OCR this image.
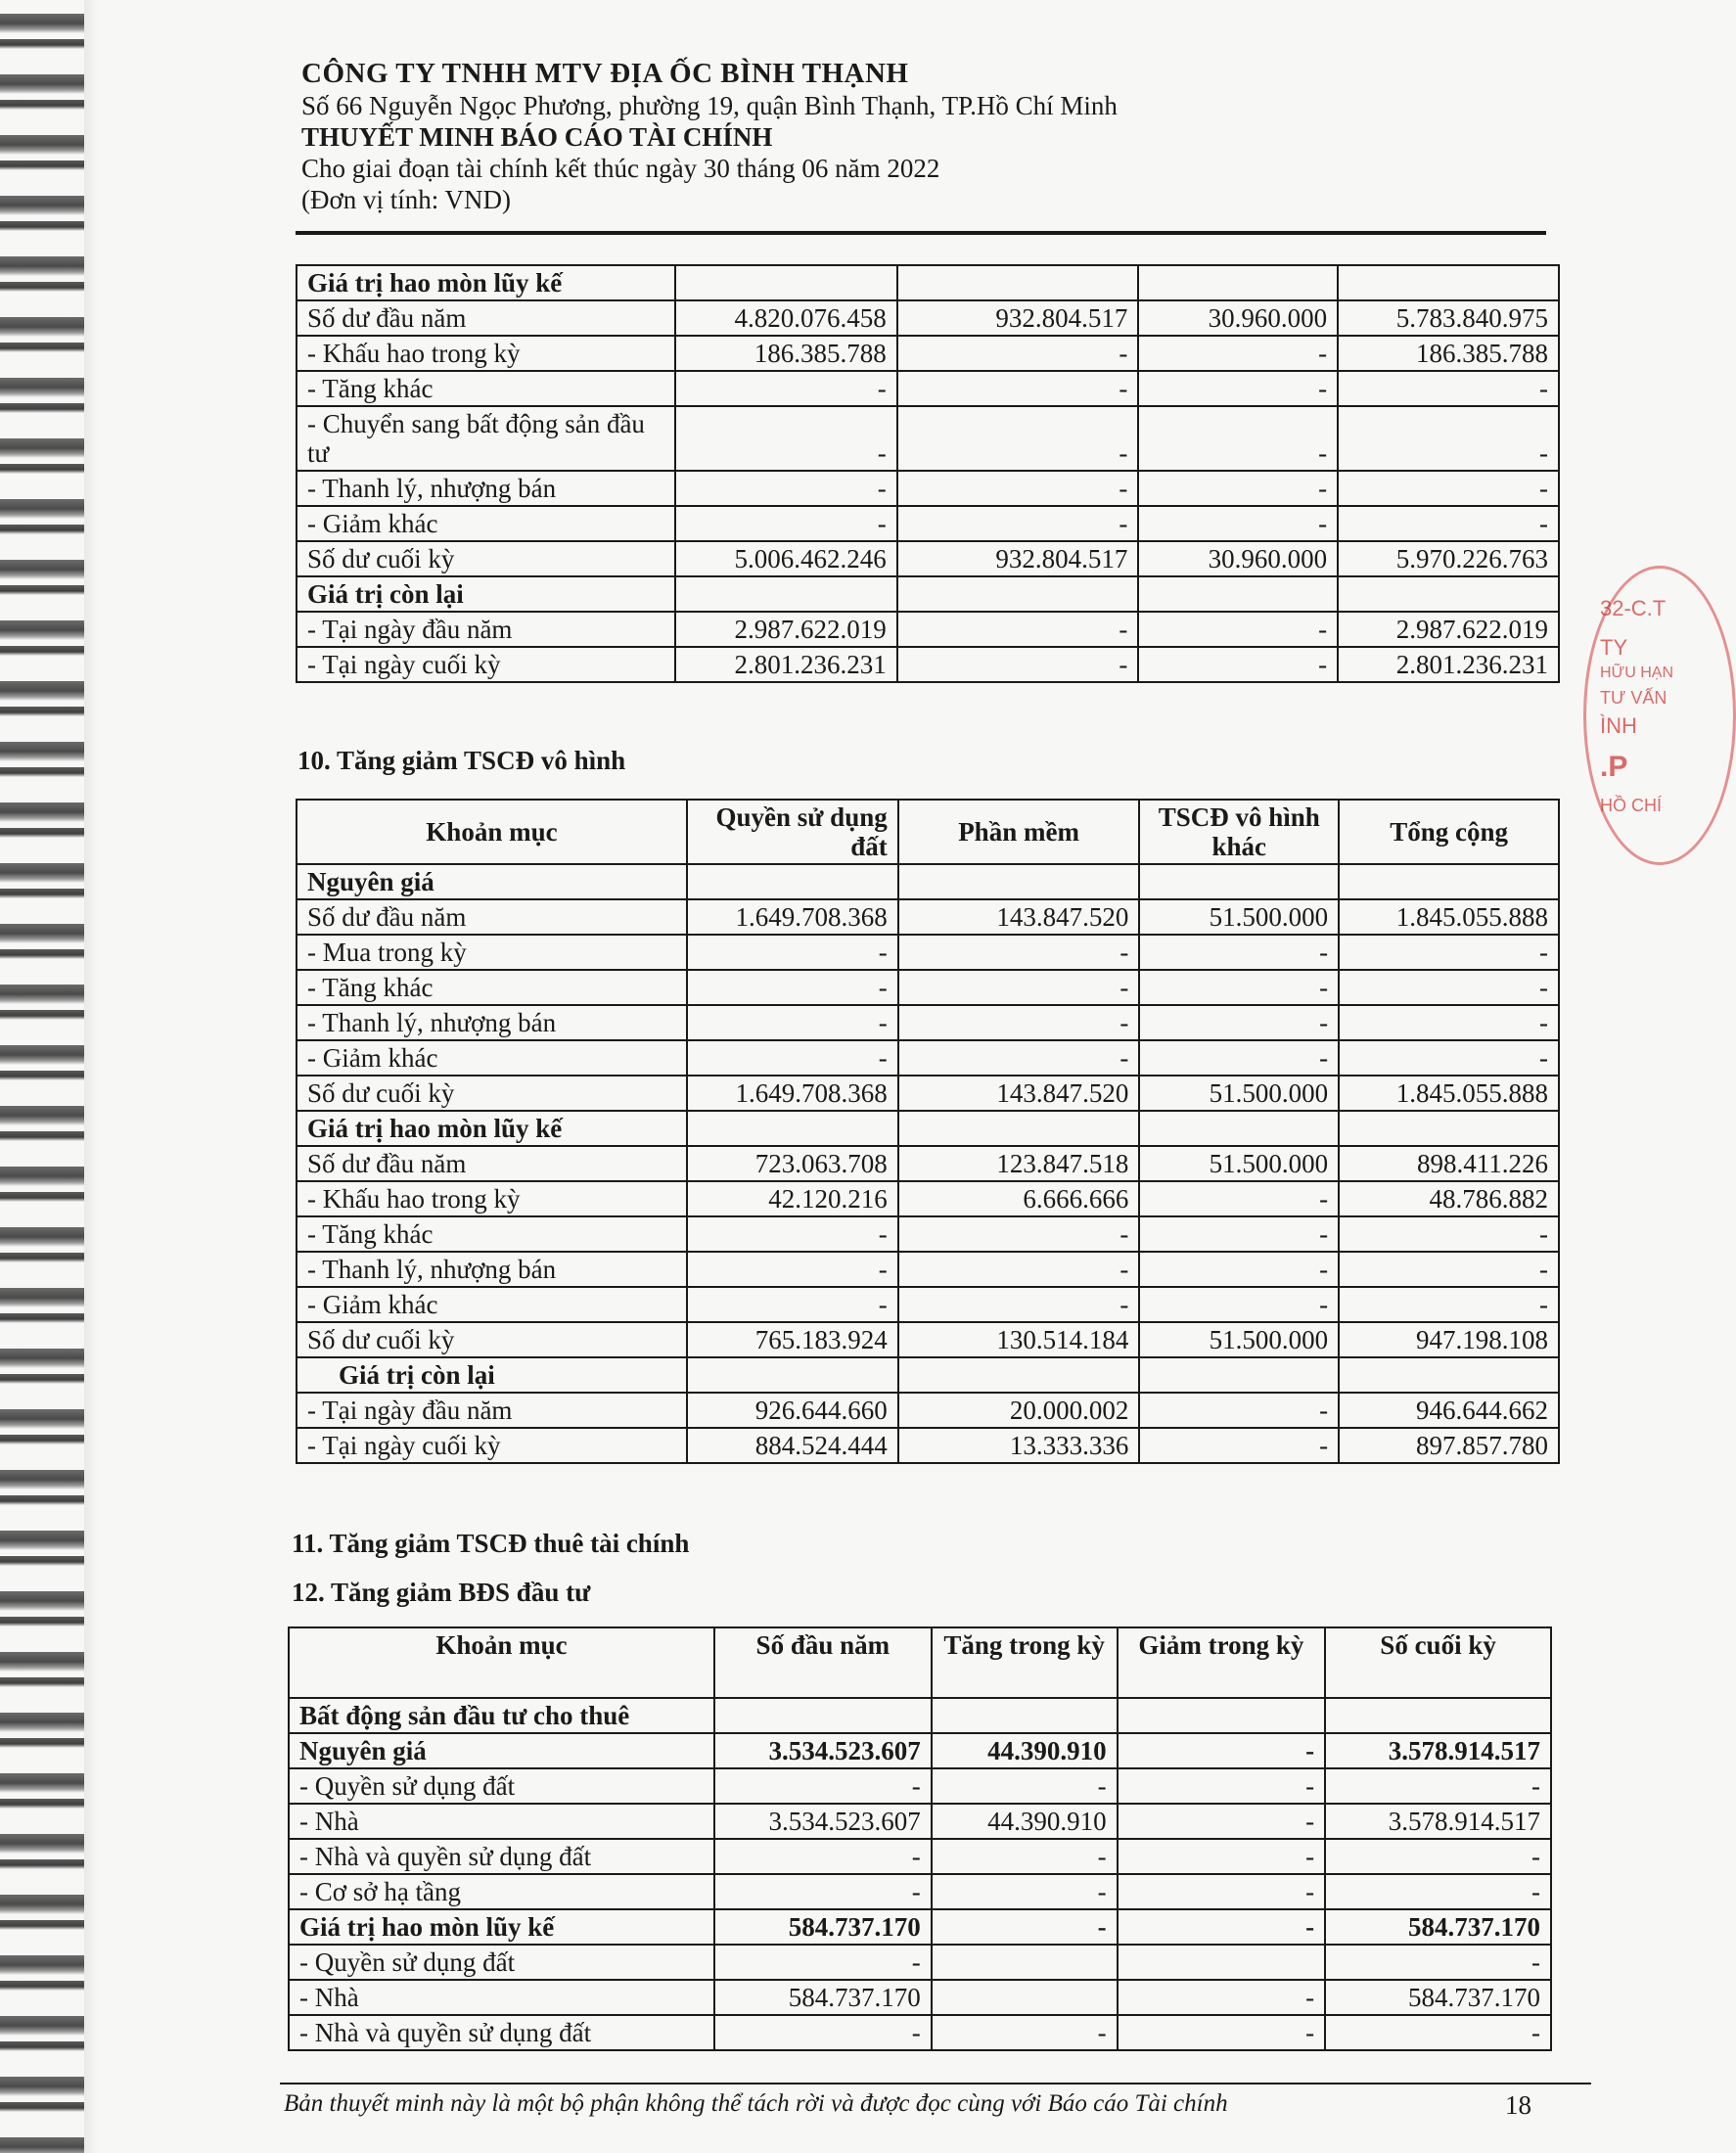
CÔNG TY TNHH MTV ĐỊA ỐC BÌNH THẠNH
Số 66 Nguyễn Ngọc Phương, phường 19, quận Bình Thạnh, TP.Hồ Chí Minh
THUYẾT MINH BÁO CÁO TÀI CHÍNH
Cho giai đoạn tài chính kết thúc ngày 30 tháng 06 năm 2022
(Đơn vị tính: VND)
Giá trị hao mòn lũy kế				
Số dư đầu năm	4.820.076.458	932.804.517	30.960.000	5.783.840.975
- Khấu hao trong kỳ	186.385.788	-	-	186.385.788
- Tăng khác	-	-	-	-
- Chuyển sang bất động sản đầu tư	-	-	-	-
- Thanh lý, nhượng bán	-	-	-	-
- Giảm khác	-	-	-	-
Số dư cuối kỳ	5.006.462.246	932.804.517	30.960.000	5.970.226.763
Giá trị còn lại				
- Tại ngày đầu năm	2.987.622.019	-	-	2.987.622.019
- Tại ngày cuối kỳ	2.801.236.231	-	-	2.801.236.231
10. Tăng giảm TSCĐ vô hình
Khoản mục	Quyền sử dụng đất	Phần mềm	TSCĐ vô hình khác	Tổng cộng
Nguyên giá				
Số dư đầu năm	1.649.708.368	143.847.520	51.500.000	1.845.055.888
- Mua trong kỳ	-	-	-	-
- Tăng khác	-	-	-	-
- Thanh lý, nhượng bán	-	-	-	-
- Giảm khác	-	-	-	-
Số dư cuối kỳ	1.649.708.368	143.847.520	51.500.000	1.845.055.888
Giá trị hao mòn lũy kế				
Số dư đầu năm	723.063.708	123.847.518	51.500.000	898.411.226
- Khấu hao trong kỳ	42.120.216	6.666.666	-	48.786.882
- Tăng khác	-	-	-	-
- Thanh lý, nhượng bán	-	-	-	-
- Giảm khác	-	-	-	-
Số dư cuối kỳ	765.183.924	130.514.184	51.500.000	947.198.108
Giá trị còn lại				
- Tại ngày đầu năm	926.644.660	20.000.002	-	946.644.662
- Tại ngày cuối kỳ	884.524.444	13.333.336	-	897.857.780
11. Tăng giảm TSCĐ thuê tài chính
12. Tăng giảm BĐS đầu tư
Khoản mục	Số đầu năm	Tăng trong kỳ	Giảm trong kỳ	Số cuối kỳ
Bất động sản đầu tư cho thuê				
Nguyên giá	3.534.523.607	44.390.910	-	3.578.914.517
- Quyền sử dụng đất	-	-	-	-
- Nhà	3.534.523.607	44.390.910	-	3.578.914.517
- Nhà và quyền sử dụng đất	-	-	-	-
- Cơ sở hạ tầng	-	-	-	-
Giá trị hao mòn lũy kế	584.737.170	-	-	584.737.170
- Quyền sử dụng đất	-			-
- Nhà	584.737.170		-	584.737.170
- Nhà và quyền sử dụng đất	-	-	-	-
32-C.T
TY
HỮU HẠN
TƯ VẤN
ÌNH
.P
HỒ CHÍ
Bản thuyết minh này là một bộ phận không thể tách rời và được đọc cùng với Báo cáo Tài chính	18
